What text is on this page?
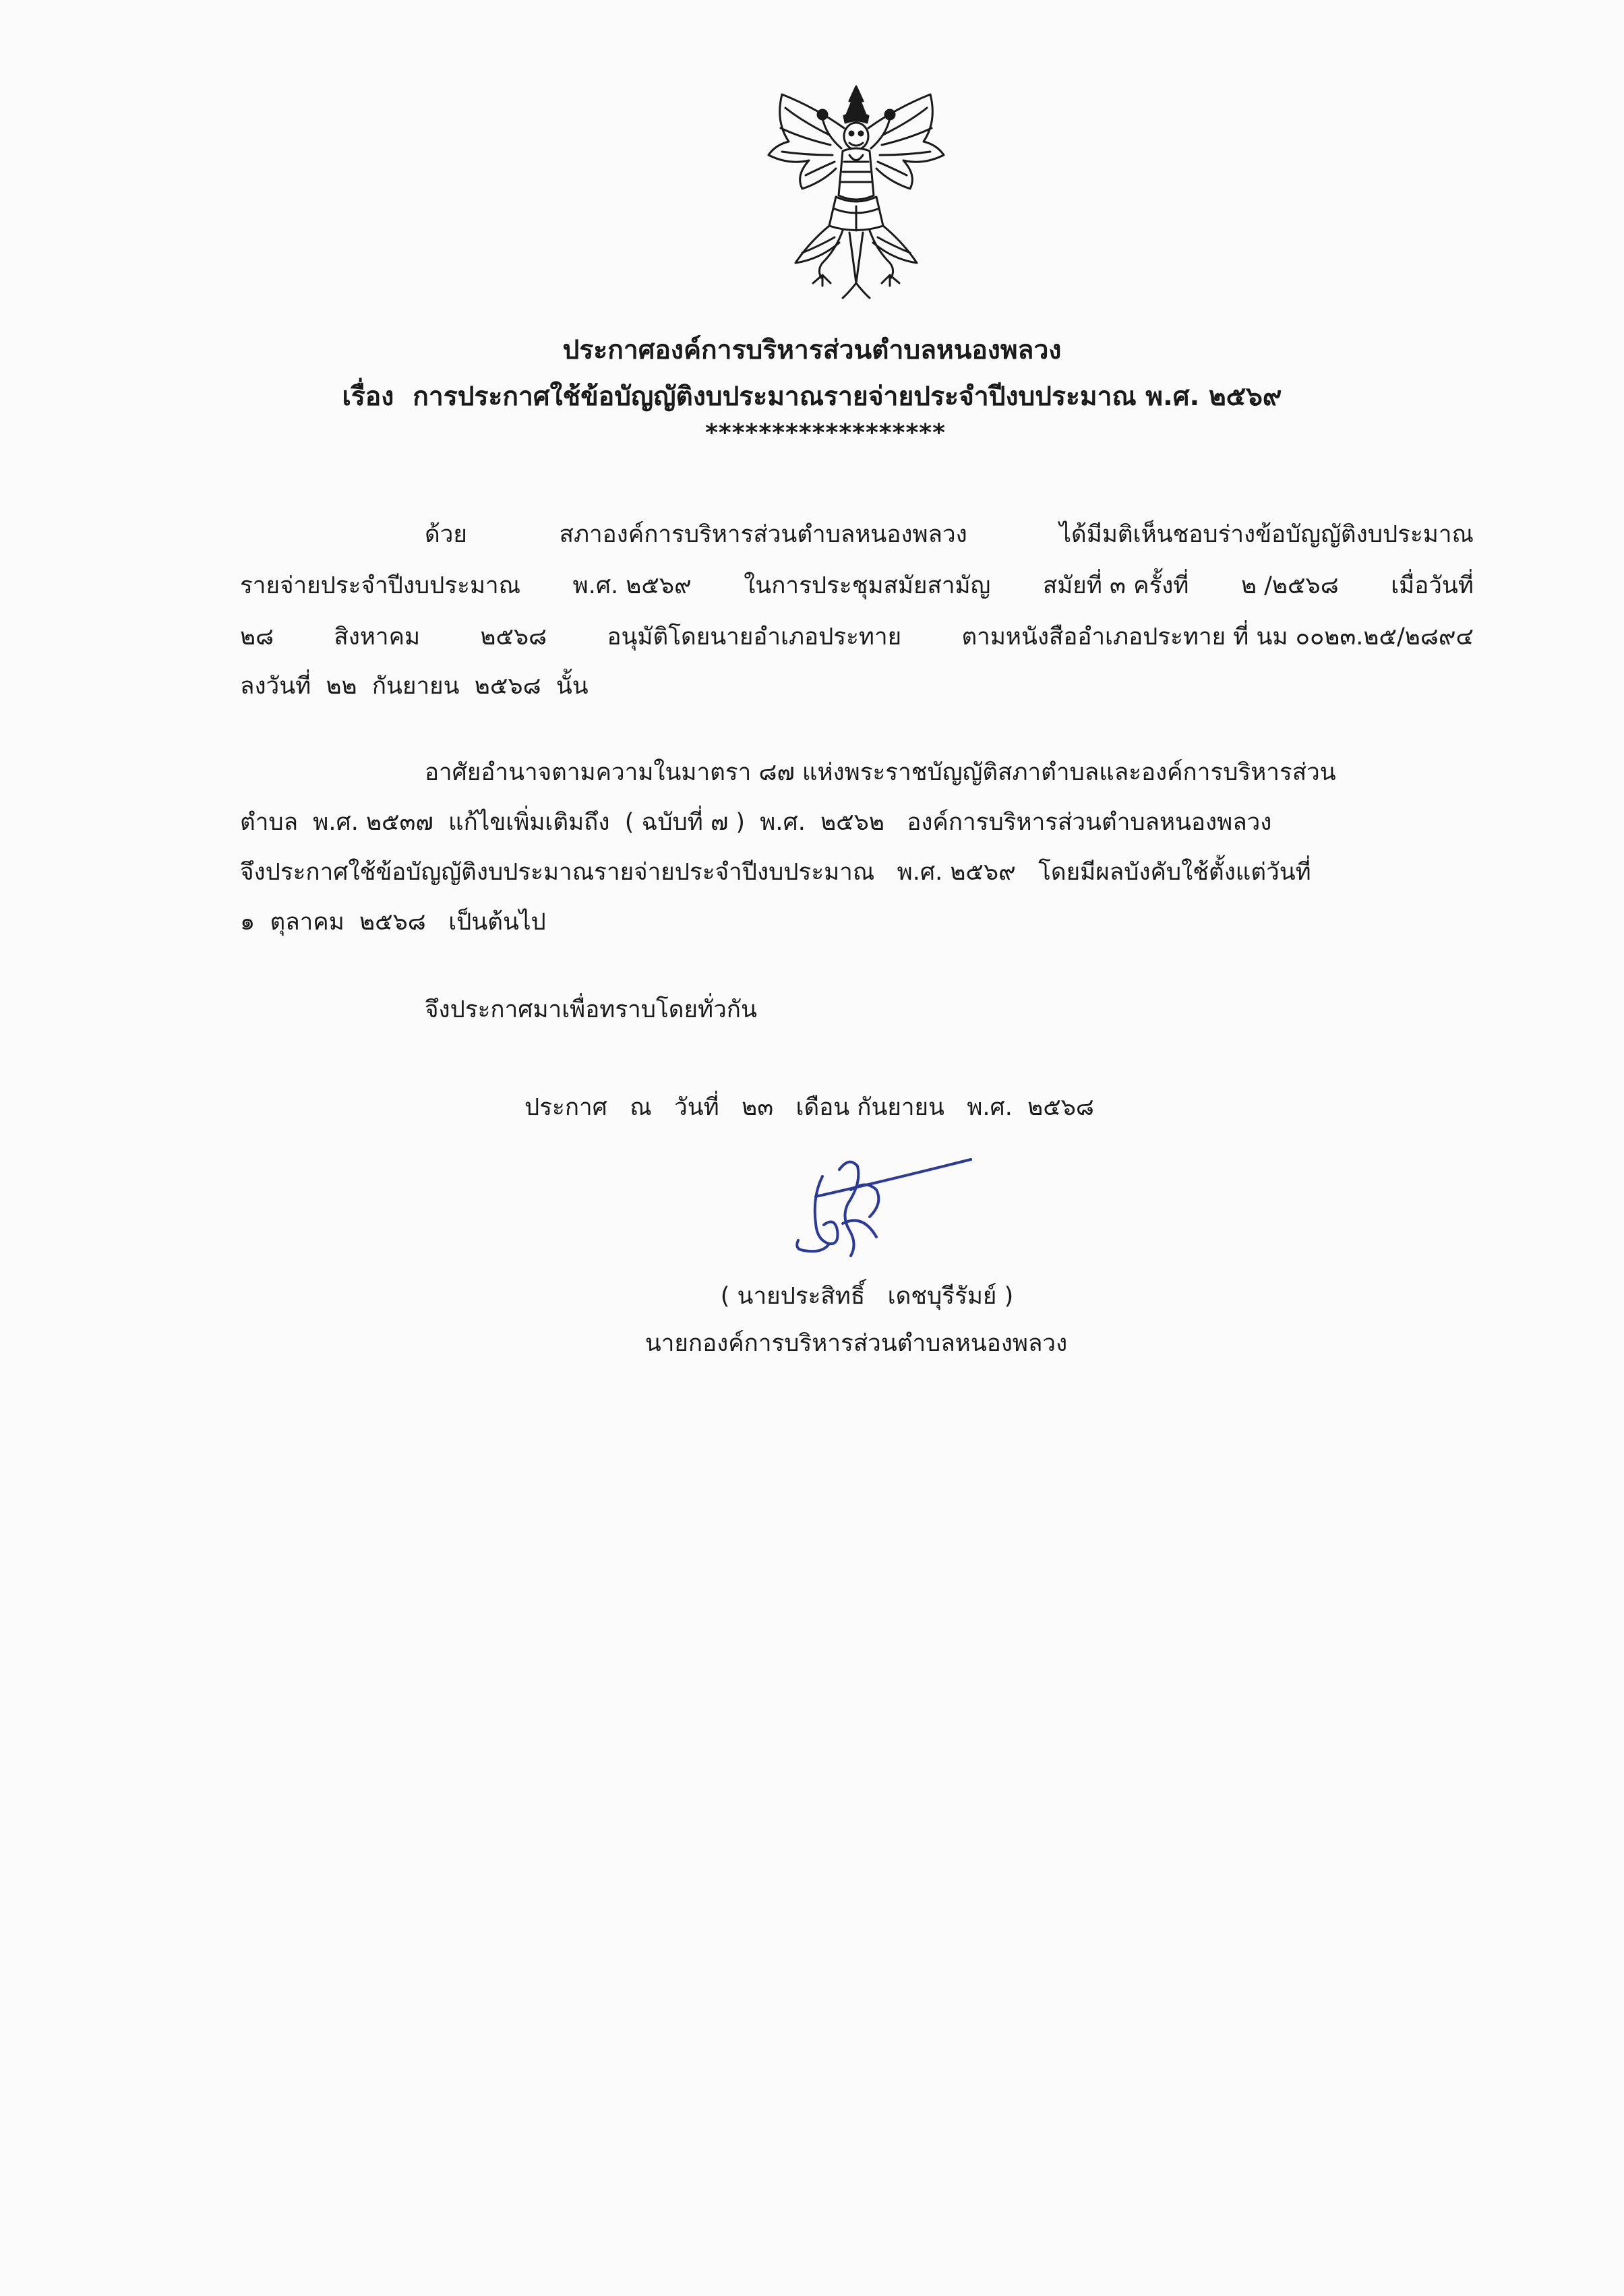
ประกาศองค์การบริหารส่วนตำบลหนองพลวง
เรื่อง การประกาศใช้ข้อบัญญัติงบประมาณรายจ่ายประจำปีงบประมาณ พ.ศ. ๒๕๖๙
******************
ด้วย	สภาองค์การบริหารส่วนตำบลหนองพลวง	ได้มีมติเห็นชอบร่างข้อบัญญัติงบประมาณ
รายจ่ายประจำปีงบประมาณ พ.ศ. ๒๕๖๙ ในการประชุมสมัยสามัญ สมัยที่ ๓ ครั้งที่ ๒ /๒๕๖๘ เมื่อวันที่
๒๘	สิงหาคม	๒๕๖๘	อนุมัติโดยนายอำเภอประทาย	ตามหนังสืออำเภอประทาย ที่ นม ๐๐๒๓.๒๕/๒๘๙๔
ลงวันที่  ๒๒  กันยายน  ๒๕๖๘  นั้น
อาศัยอำนาจตามความในมาตรา ๘๗ แห่งพระราชบัญญัติสภาตำบลและองค์การบริหารส่วน
ตำบล  พ.ศ. ๒๕๓๗  แก้ไขเพิ่มเติมถึง  ( ฉบับที่ ๗ )  พ.ศ.  ๒๕๖๒   องค์การบริหารส่วนตำบลหนองพลวง
จึงประกาศใช้ข้อบัญญัติงบประมาณรายจ่ายประจำปีงบประมาณ   พ.ศ. ๒๕๖๙   โดยมีผลบังคับใช้ตั้งแต่วันที่
๑  ตุลาคม  ๒๕๖๘   เป็นต้นไป
จึงประกาศมาเพื่อทราบโดยทั่วกัน
ประกาศ   ณ   วันที่   ๒๓   เดือน กันยายน   พ.ศ.  ๒๕๖๘
( นายประสิทธิ์   เดชบุรีรัมย์ )
นายกองค์การบริหารส่วนตำบลหนองพลวง
